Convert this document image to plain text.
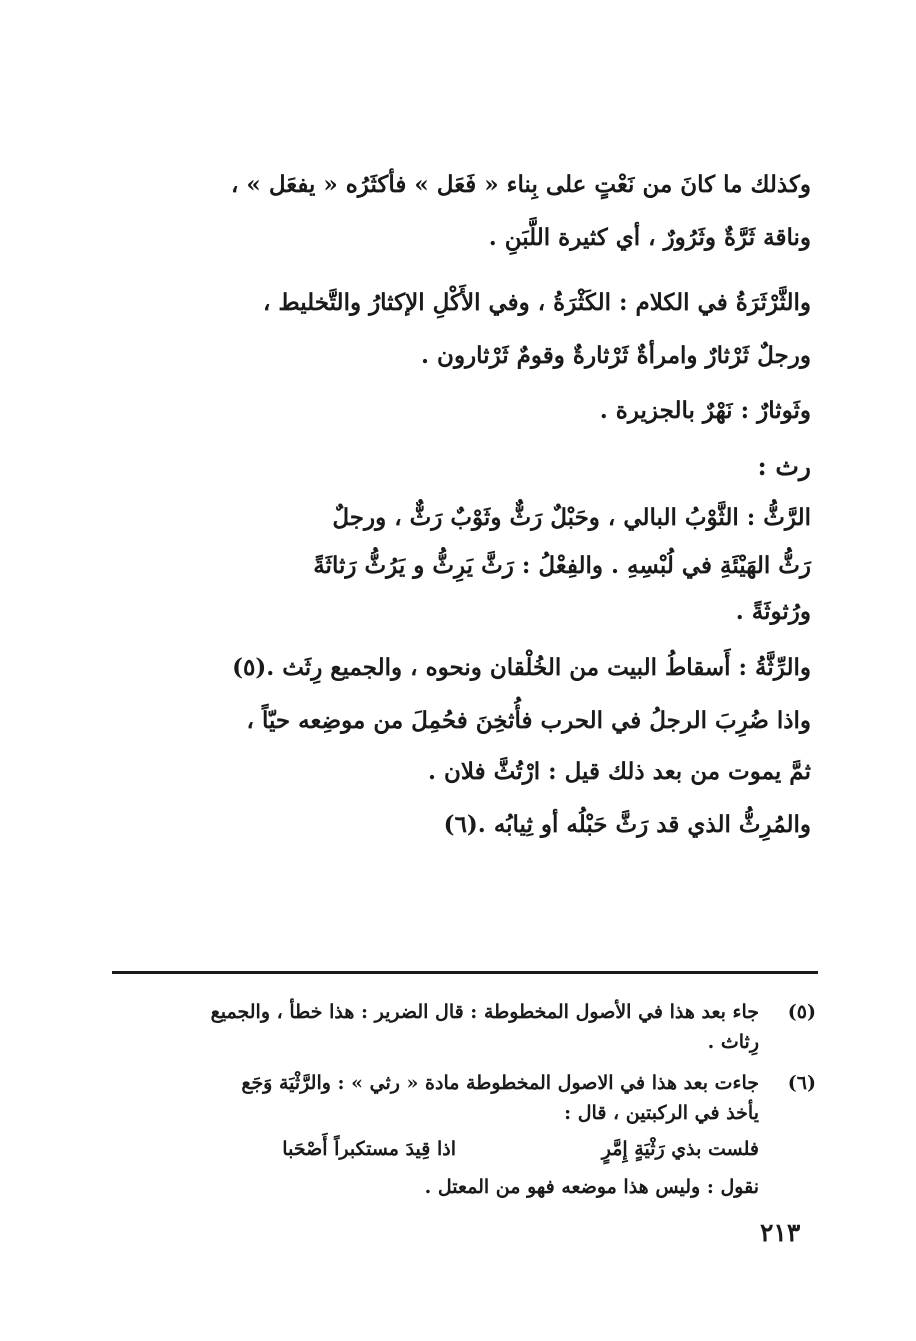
وكذلك ما كانَ من نَعْتٍ على بِناء « فَعَل » فأكثَرُه « يفعَل » ،
وناقة ثَرَّةٌ وثَرُورٌ ، أي كثيرة اللَّبَنِ .
والثَّرْثَرَةُ في الكلام : الكَثْرَةُ ، وفي الأَكْلِ الإكثارُ والتَّخليط ،
ورجلٌ ثَرْثارٌ وامرأةٌ ثَرْثارةٌ وقومٌ ثَرْثارون .
وثَوثارٌ : نَهْرٌ بالجزيرة .
رث :
الرَّثُّ : الثَّوْبُ البالي ، وحَبْلٌ رَثٌّ وثَوْبٌ رَثٌّ ، ورجلٌ
رَثُّ الهَيْئَةِ في لُبْسِهِ . والفِعْلُ : رَثَّ يَرِثُّ و يَرُثُّ رَثاثَةً
ورُثوثَةً .
والرِّثَّةُ : أَسقاطُ البيت من الخُلْقان ونحوه ، والجميع رِثَث .(٥)
واذا ضُرِبَ الرجلُ في الحرب فأُثخِنَ فحُمِلَ من موضِعه حيّاً ،
ثمَّ يموت من بعد ذلك قيل : ارْتُثَّ فلان .
والمُرِثُّ الذي قد رَثَّ حَبْلُه أو ثِيابُه .(٦)
(٥)
جاء بعد هذا في الأصول المخطوطة : قال الضرير : هذا خطأ ، والجميع
رِثاث .
(٦)
جاءت بعد هذا في الاصول المخطوطة مادة « رثي » : والرَّثْيَة وَجَع
يأخذ في الركبتين ، قال :
فلست بذي رَثْيَةٍ إِمَّرٍ
اذا قِيدَ مستكبراً أَصْحَبا
نقول : وليس هذا موضعه فهو من المعتل .
٢١٣
